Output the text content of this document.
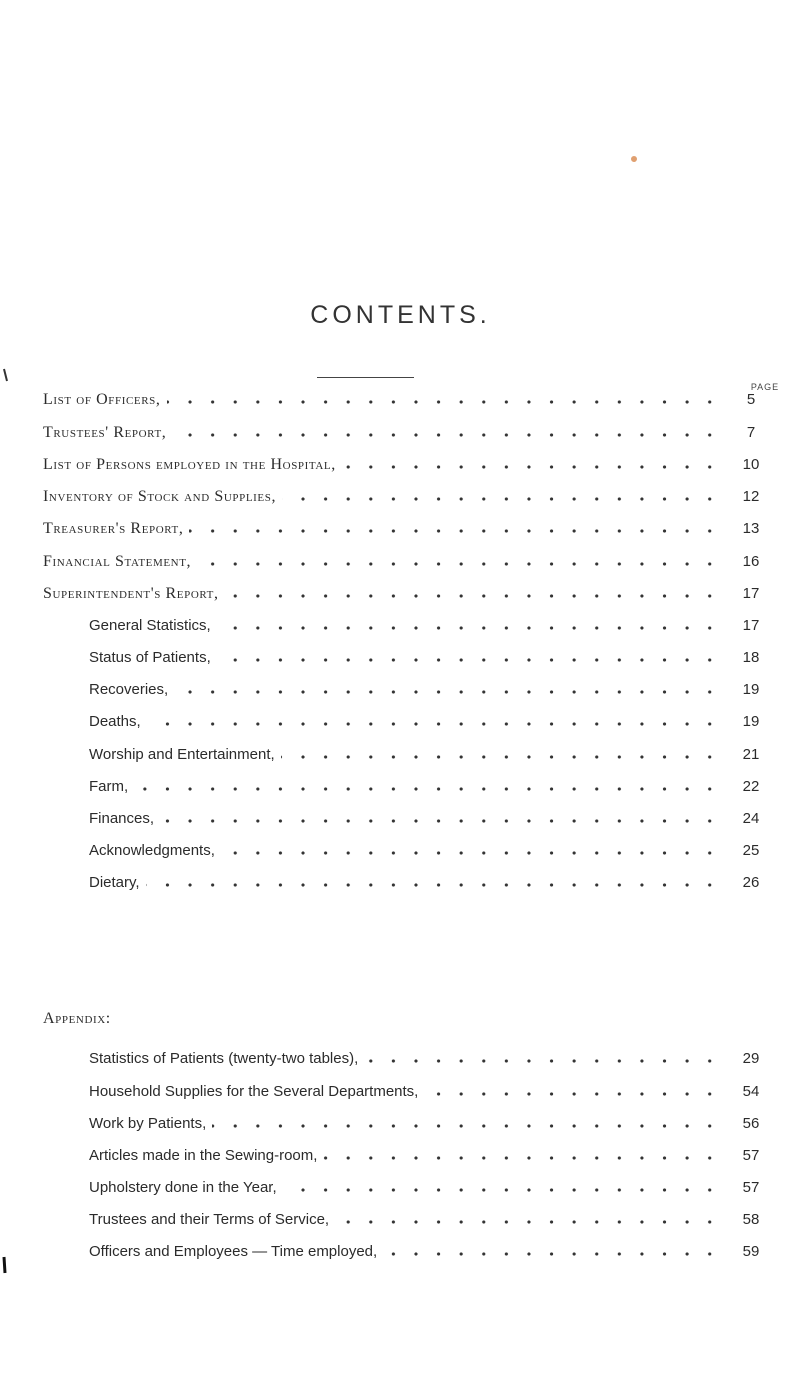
CONTENTS.
PAGE
List of Officers,	5
Trustees' Report,	7
List of Persons employed in the Hospital,	10
Inventory of Stock and Supplies,	12
Treasurer's Report,	13
Financial Statement,	16
Superintendent's Report,	17
General Statistics,	17
Status of Patients,	18
Recoveries,	19
Deaths,	19
Worship and Entertainment,	21
Farm,	22
Finances,	24
Acknowledgments,	25
Dietary,	26
Appendix:
Statistics of Patients (twenty-two tables),	29
Household Supplies for the Several Departments,	54
Work by Patients,	56
Articles made in the Sewing-room,	57
Upholstery done in the Year,	57
Trustees and their Terms of Service,	58
Officers and Employees — Time employed,	59
